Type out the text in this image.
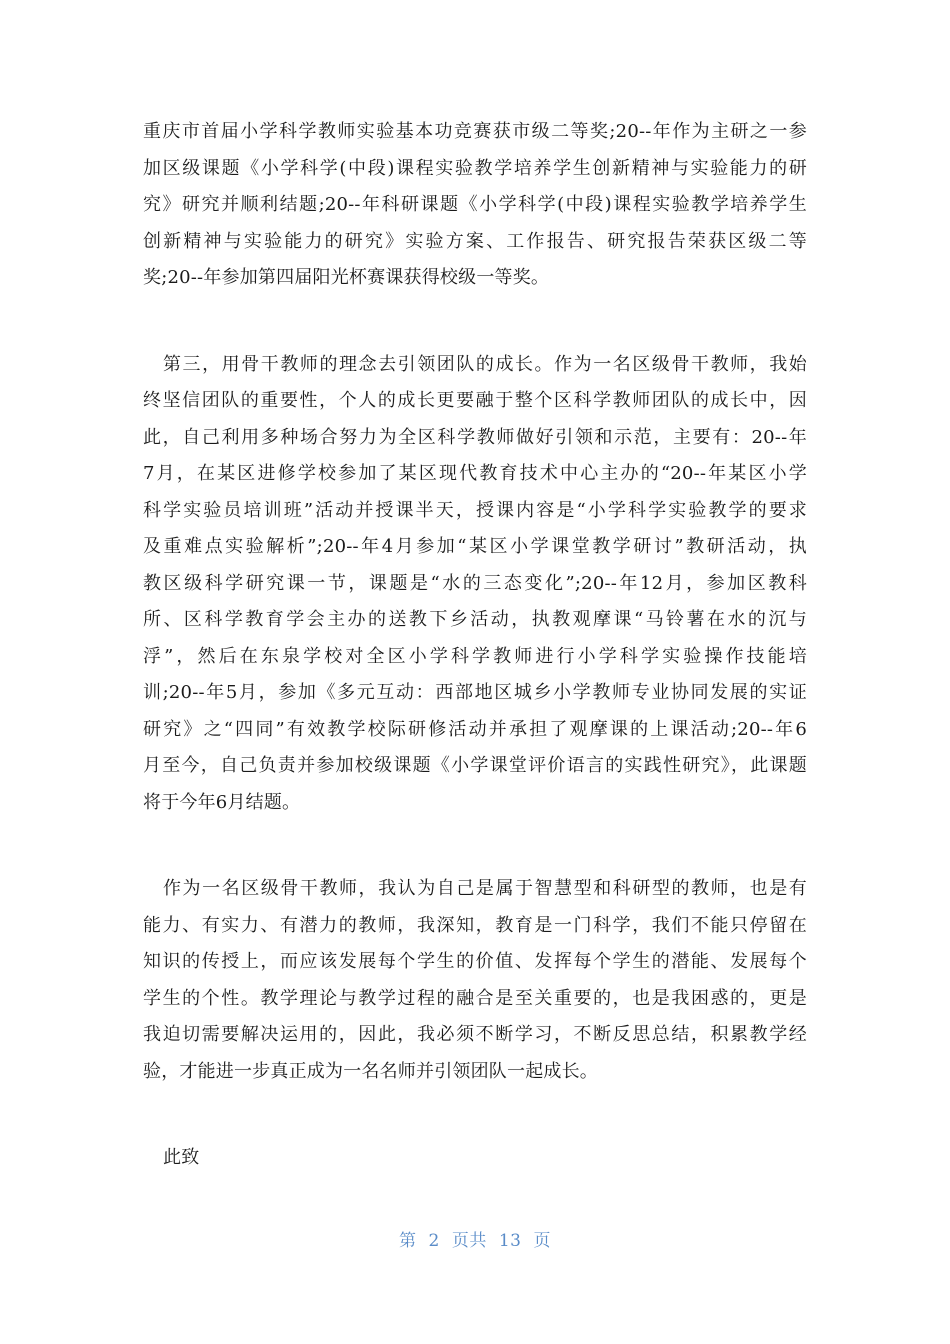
重庆市首届小学科学教师实验基本功竞赛获市级二等奖;20--年作为主研之一参
加区级课题《小学科学(中段)课程实验教学培养学生创新精神与实验能力的研
究》研究并顺利结题;20--年科研课题《小学科学(中段)课程实验教学培养学生
创新精神与实验能力的研究》实验方案、工作报告、研究报告荣获区级二等
奖;20--年参加第四届阳光杯赛课获得校级一等奖。
第三，用骨干教师的理念去引领团队的成长。作为一名区级骨干教师，我始
终坚信团队的重要性，个人的成长更要融于整个区科学教师团队的成长中，因
此，自己利用多种场合努力为全区科学教师做好引领和示范，主要有：20--年
7月，在某区进修学校参加了某区现代教育技术中心主办的“20--年某区小学
科学实验员培训班”活动并授课半天，授课内容是“小学科学实验教学的要求
及重难点实验解析”;20--年4月参加“某区小学课堂教学研讨”教研活动，执
教区级科学研究课一节，课题是“水的三态变化”;20--年12月，参加区教科
所、区科学教育学会主办的送教下乡活动，执教观摩课“马铃薯在水的沉与
浮”，然后在东泉学校对全区小学科学教师进行小学科学实验操作技能培
训;20--年5月，参加《多元互动：西部地区城乡小学教师专业协同发展的实证
研究》之“四同”有效教学校际研修活动并承担了观摩课的上课活动;20--年6
月至今，自己负责并参加校级课题《小学课堂评价语言的实践性研究》，此课题
将于今年6月结题。
作为一名区级骨干教师，我认为自己是属于智慧型和科研型的教师，也是有
能力、有实力、有潜力的教师，我深知，教育是一门科学，我们不能只停留在
知识的传授上，而应该发展每个学生的价值、发挥每个学生的潜能、发展每个
学生的个性。教学理论与教学过程的融合是至关重要的，也是我困惑的，更是
我迫切需要解决运用的，因此，我必须不断学习，不断反思总结，积累教学经
验，才能进一步真正成为一名名师并引领团队一起成长。
此致
第 2 页共 13 页
